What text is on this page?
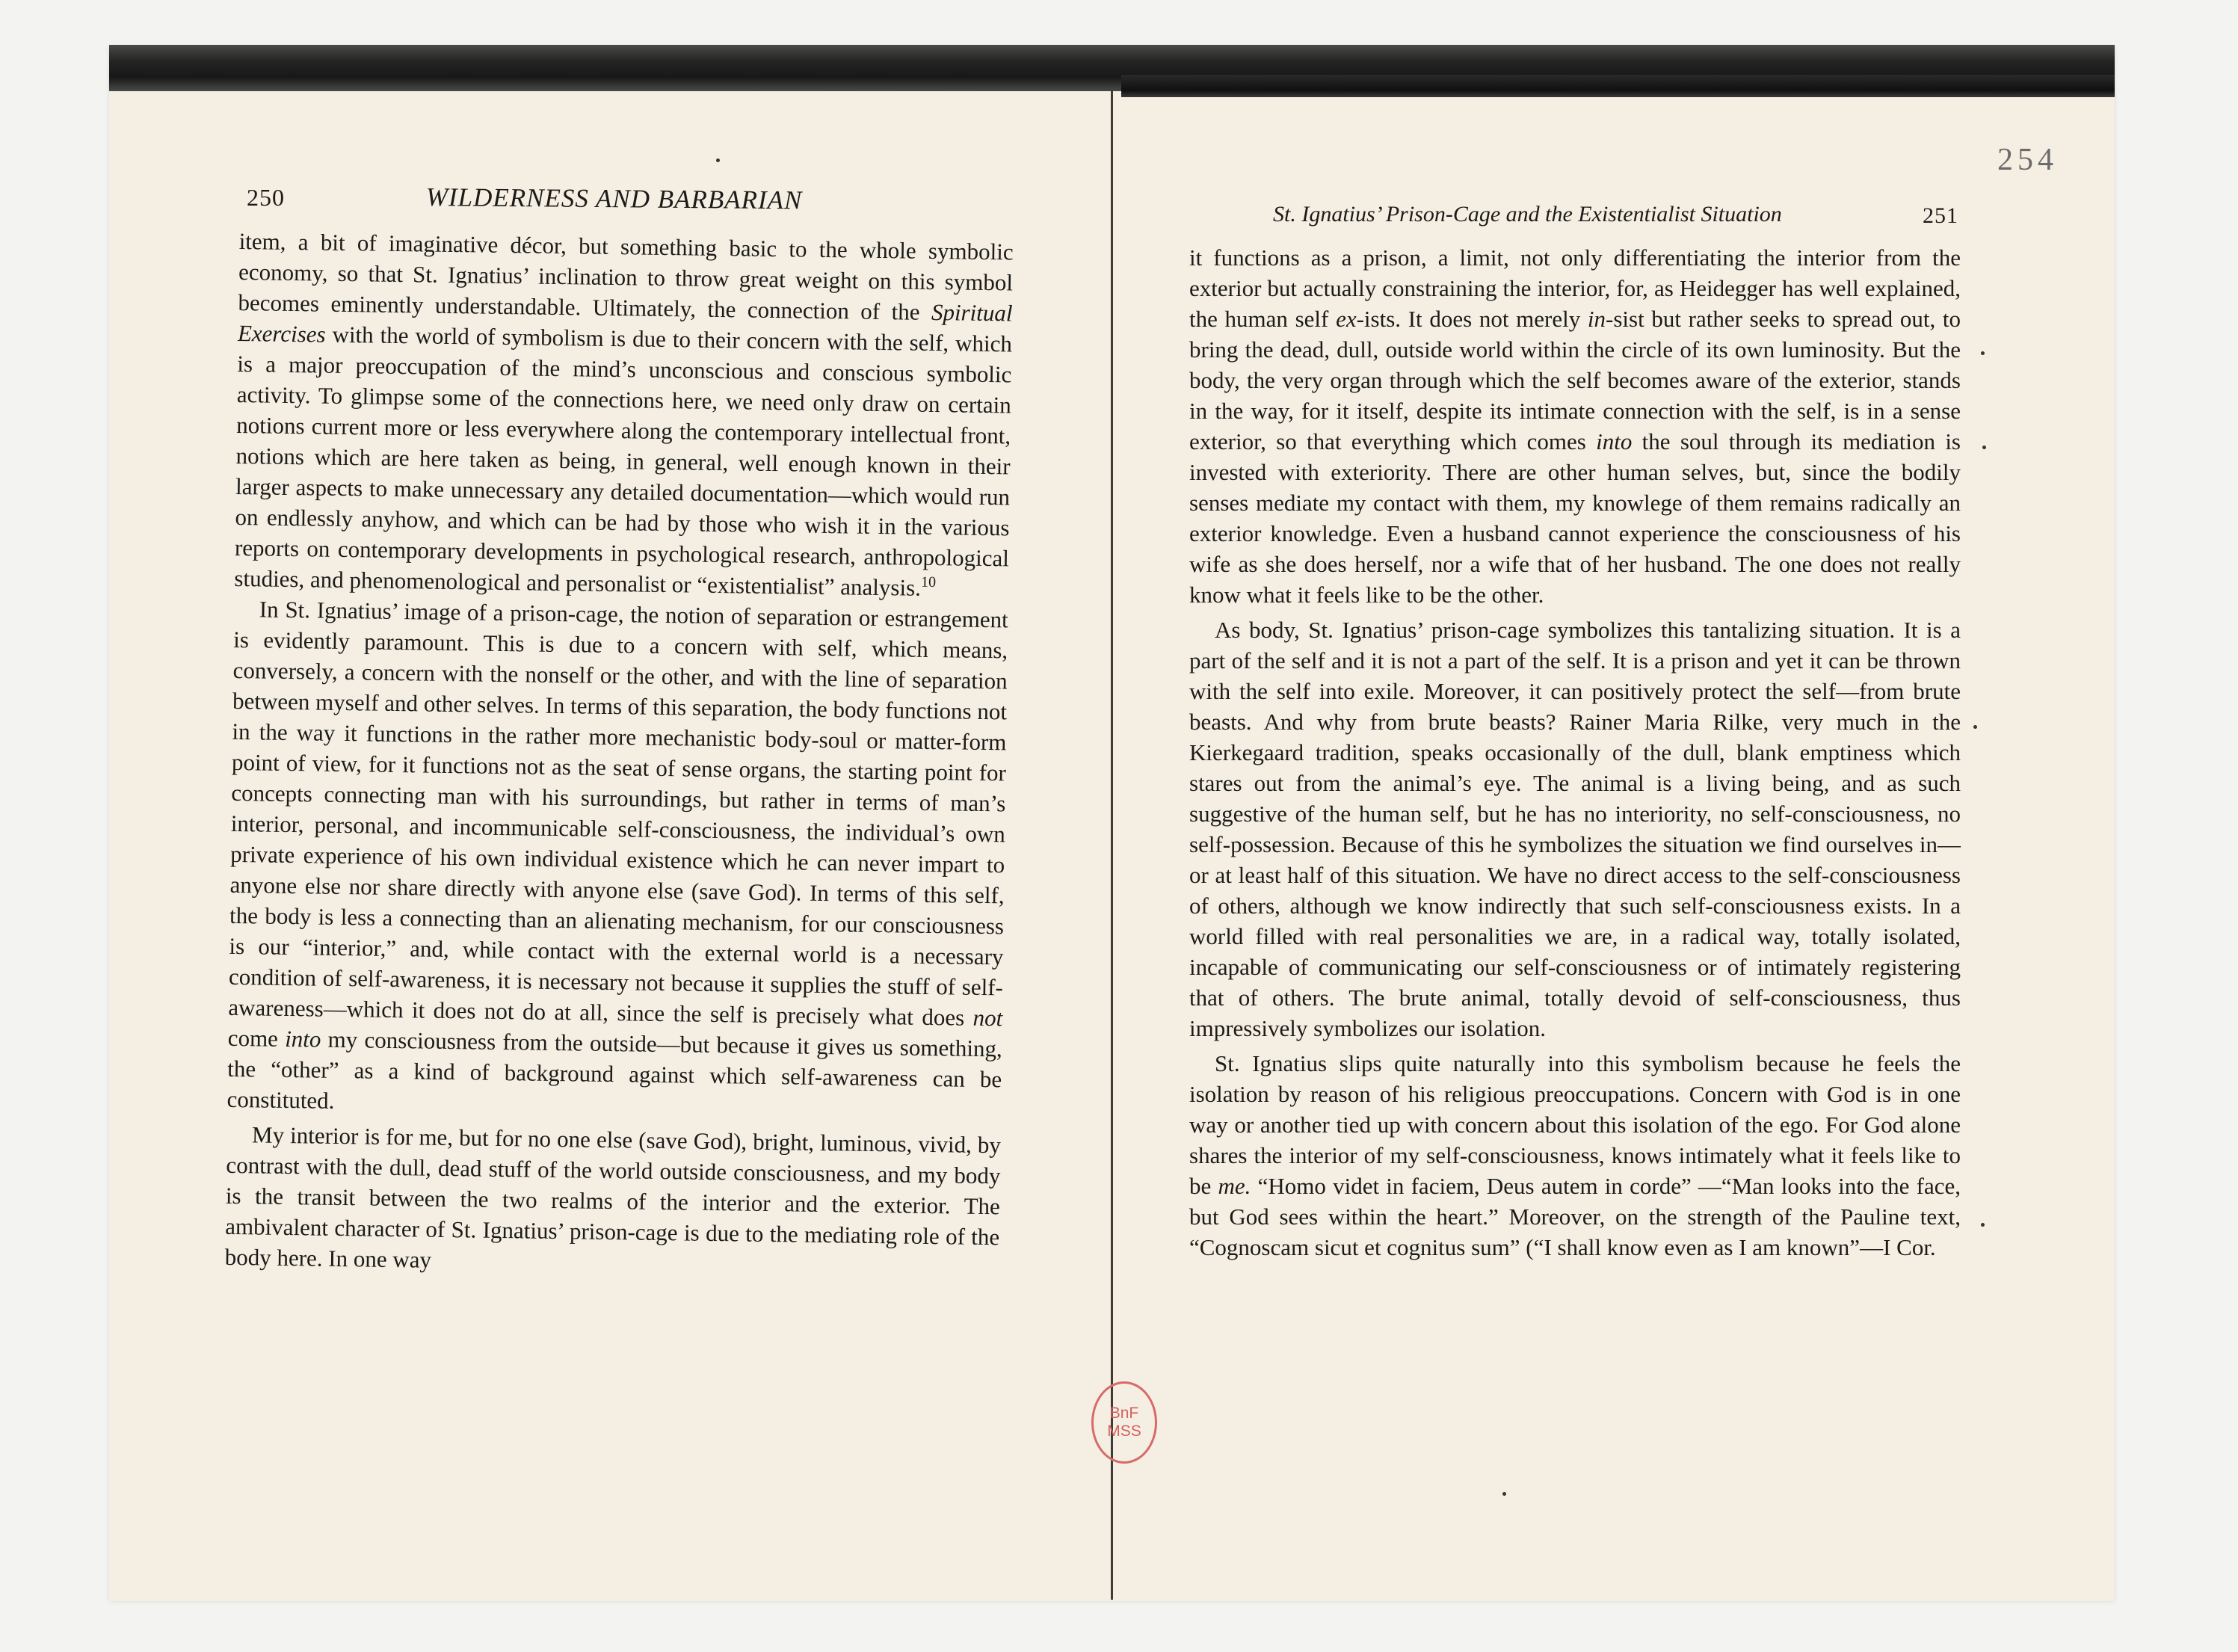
254
250	WILDERNESS AND BARBARIAN

item, a bit of imaginative décor, but something basic to the whole symbolic economy, so that St. Ignatius’ inclination to throw great weight on this symbol becomes eminently understandable. Ultimately, the connection of the Spiritual Exercises with the world of symbolism is due to their concern with the self, which is a major preoccupation of the mind’s unconscious and conscious symbolic activity. To glimpse some of the connections here, we need only draw on certain notions current more or less everywhere along the contemporary intellectual front, notions which are here taken as being, in general, well enough known in their larger aspects to make unnecessary any detailed documentation—which would run on endlessly anyhow, and which can be had by those who wish it in the various reports on contemporary developments in psychological research, anthropological studies, and phenomenological and personalist or “existentialist” analysis.$^{10}$

In St. Ignatius’ image of a prison-cage, the notion of separation or estrangement is evidently paramount. This is due to a concern with self, which means, conversely, a concern with the nonself or the other, and with the line of separation between myself and other selves. In terms of this separation, the body functions not in the way it functions in the rather more mechanistic body-soul or matter-form point of view, for it functions not as the seat of sense organs, the starting point for concepts connecting man with his surroundings, but rather in terms of man’s interior, personal, and incommunicable self-consciousness, the individual’s own private experience of his own individual existence which he can never impart to anyone else nor share directly with anyone else (save God). In terms of this self, the body is less a connecting than an alienating mechanism, for our consciousness is our “interior,” and, while contact with the external world is a necessary condition of self-awareness, it is necessary not because it supplies the stuff of self-awareness—which it does not do at all, since the self is precisely what does not come into my consciousness from the outside—but because it gives us something, the “other” as a kind of background against which self-awareness can be constituted.

My interior is for me, but for no one else (save God), bright, luminous, vivid, by contrast with the dull, dead stuff of the world outside consciousness, and my body is the transit between the two realms of the interior and the exterior. The ambivalent character of St. Ignatius’ prison-cage is due to the mediating role of the body here. In one way

St. Ignatius’ Prison-Cage and the Existentialist Situation	251

it functions as a prison, a limit, not only differentiating the interior from the exterior but actually constraining the interior, for, as Heidegger has well explained, the human self ex-ists. It does not merely in-sist but rather seeks to spread out, to bring the dead, dull, outside world within the circle of its own luminosity. But the body, the very organ through which the self becomes aware of the exterior, stands in the way, for it itself, despite its intimate connection with the self, is in a sense exterior, so that everything which comes into the soul through its mediation is invested with exteriority. There are other human selves, but, since the bodily senses mediate my contact with them, my knowlege of them remains radically an exterior knowledge. Even a husband cannot experience the consciousness of his wife as she does herself, nor a wife that of her husband. The one does not really know what it feels like to be the other.

As body, St. Ignatius’ prison-cage symbolizes this tantalizing situation. It is a part of the self and it is not a part of the self. It is a prison and yet it can be thrown with the self into exile. Moreover, it can positively protect the self—from brute beasts. And why from brute beasts? Rainer Maria Rilke, very much in the Kierkegaard tradition, speaks occasionally of the dull, blank emptiness which stares out from the animal’s eye. The animal is a living being, and as such suggestive of the human self, but he has no interiority, no self-consciousness, no self-possession. Because of this he symbolizes the situation we find ourselves in—or at least half of this situation. We have no direct access to the self-consciousness of others, although we know indirectly that such self-consciousness exists. In a world filled with real personalities we are, in a radical way, totally isolated, incapable of communicating our self-consciousness or of intimately registering that of others. The brute animal, totally devoid of self-consciousness, thus impressively symbolizes our isolation.

St. Ignatius slips quite naturally into this symbolism because he feels the isolation by reason of his religious preoccupations. Concern with God is in one way or another tied up with concern about this isolation of the ego. For God alone shares the interior of my self-consciousness, knows intimately what it feels like to be me. “Homo videt in faciem, Deus autem in corde” —“Man looks into the face, but God sees within the heart.” Moreover, on the strength of the Pauline text, “Cognoscam sicut et cognitus sum” (“I shall know even as I am known”—I Cor.

BnF
MSS
